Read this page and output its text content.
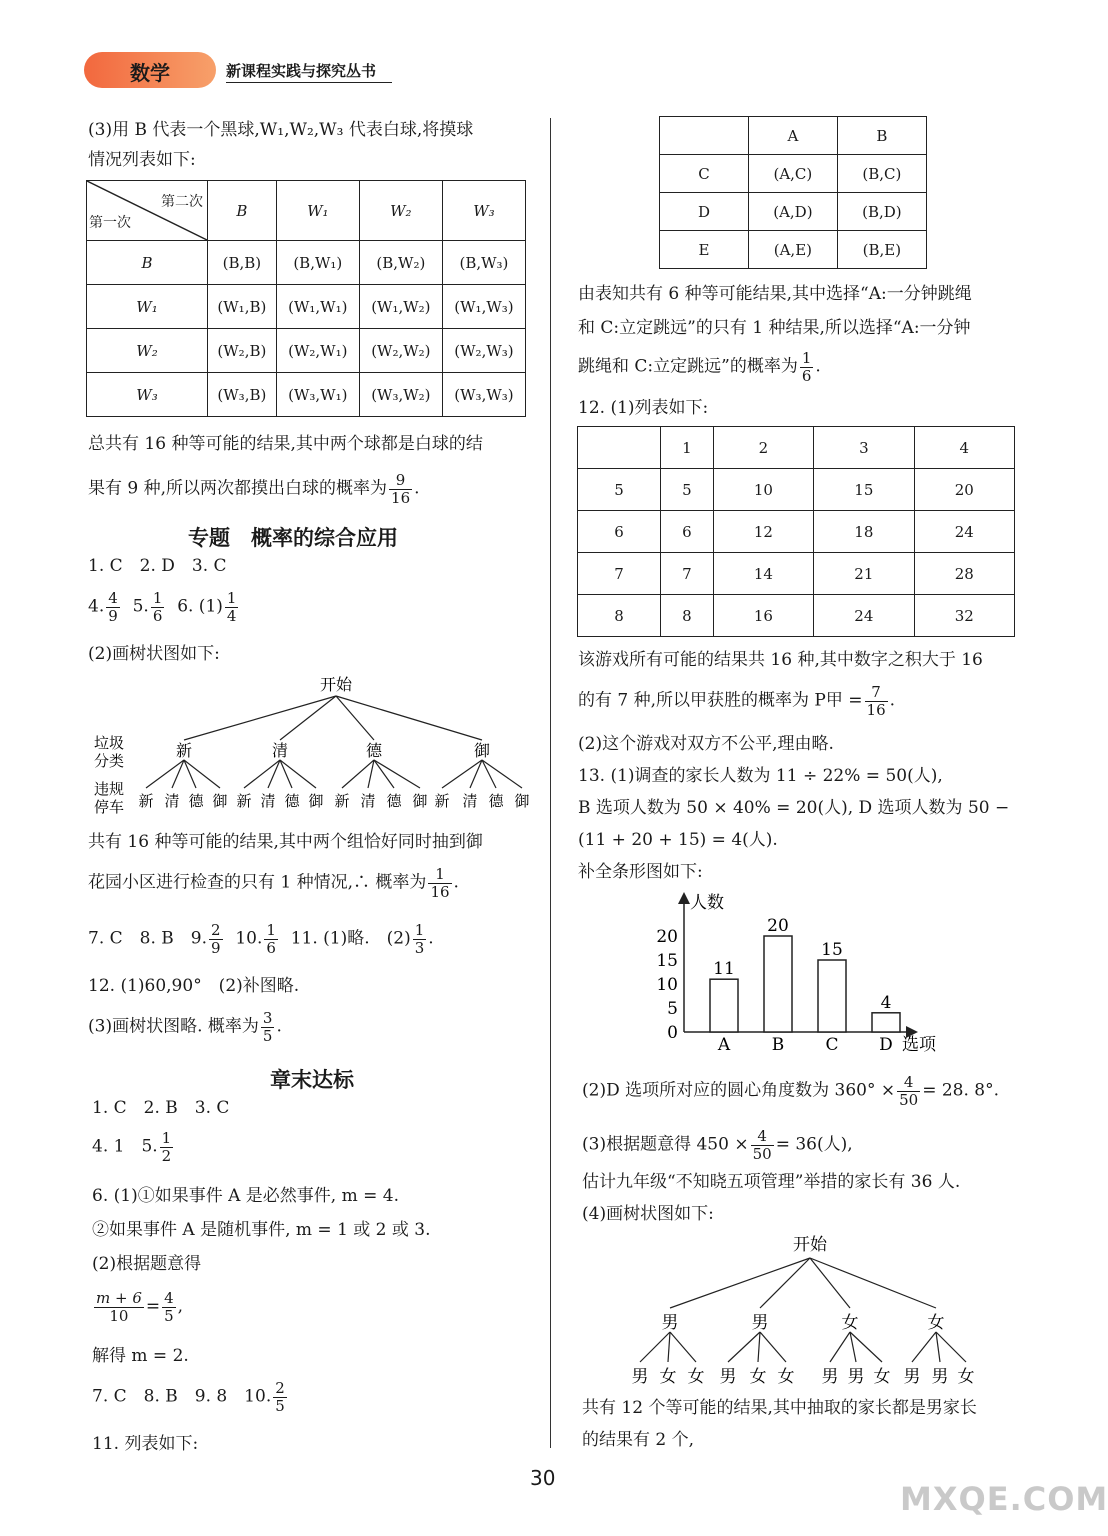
数学	新课程实践与探究丛书
(3)用 B 代表一个黑球,W₁,W₂,W₃ 代表白球,将摸球
情况列表如下:
第二次
第一次	B	W₁	W₂	W₃
B	(B,B)	(B,W₁)	(B,W₂)	(B,W₃)
W₁	(W₁,B)	(W₁,W₁)	(W₁,W₂)	(W₁,W₃)
W₂	(W₂,B)	(W₂,W₁)	(W₂,W₂)	(W₂,W₃)
W₃	(W₃,B)	(W₃,W₁)	(W₃,W₂)	(W₃,W₃)
总共有 16 种等可能的结果,其中两个球都是白球的结
果有 9 种,所以两次都摸出白球的概率为 $\frac{9}{16}$ .
专题　概率的综合应用
1. C　2. D　3. C
4. $\frac{4}{9} 5$. $\frac{1}{6} 6$. $(1) \frac{1}{4}$
(2)画树状图如下:
开始
垃圾
分类
违规
停车
新	清	德	御
新 清 德 御 新 清 德 御 新 清 德 御 新 清 德 御
共有 16 种等可能的结果,其中两个组恰好同时抽到御
花园小区进行检查的只有 1 种情况,∴ 概率为 $\frac{1}{16}$ .
7. C　8. B　9. $\frac{2}{9} 10$. $\frac{1}{6} 11$. (1)略.　$(2) \frac{1}{3}$ .
12. (1)60,90°　(2)补图略.
(3)画树状图略. 概率为 $\frac{3}{5}$ .
章末达标
1. C　2. B　3. C
4. 1　5. $\frac{1}{2}$
6. (1)①如果事件 A 是必然事件, m = 4.
②如果事件 A 是随机事件, m = 1 或 2 或 3.
(2)根据题意得
$\frac{m + 6}{10} = \frac{4}{5}$ ,
解得 m = 2.
7. C　8. B　9. 8　10. $\frac{2}{5}$
11. 列表如下:
	A	B
C	(A,C)	(B,C)
D	(A,D)	(B,D)
E	(A,E)	(B,E)
由表知共有 6 种等可能结果,其中选择“A:一分钟跳绳
和 C:立定跳远”的只有 1 种结果,所以选择“A:一分钟
跳绳和 C:立定跳远”的概率为 $\frac{1}{6}$ .
12. (1)列表如下:
	1	2	3	4
5	5	10	15	20
6	6	12	18	24
7	7	14	21	28
8	8	16	24	32
该游戏所有可能的结果共 16 种,其中数字之积大于 16
的有 7 种,所以甲获胜的概率为 P甲 = $\frac{7}{16}$ .
(2)这个游戏对双方不公平,理由略.
13. (1)调查的家长人数为 11 ÷ 22% = 50(人),
B 选项人数为 50 × 40% = 20(人), D 选项人数为 50 −
(11 + 20 + 15) = 4(人).
补全条形图如下:
人数
选项
0
5
10
15
20
11
A
20
B
15
C
4
D
(2)D 选项所对应的圆心角度数为 $360^\circ \times \frac{4}{50} = 28$. 8°.
(3)根据题意得 $450 \times \frac{4}{50} = 36$(人),
估计九年级“不知晓五项管理”举措的家长有 36 人.
(4)画树状图如下:
开始
男	男	女	女
男 女 女 男 女 女 男 男 女 男 男 女
共有 12 个等可能的结果,其中抽取的家长都是男家长
的结果有 2 个,
30
MXQE.COM
